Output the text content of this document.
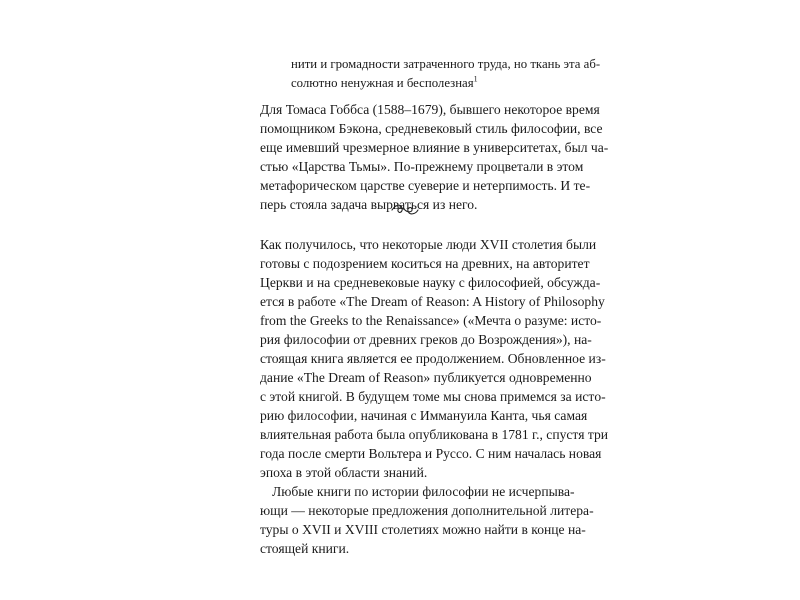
нити и громадности затраченного труда, но ткань эта аб-
солютно ненужная и бесполезная$^1$
Для Томаса Гоббса (1588–1679), бывшего некоторое время
помощником Бэкона, средневековый стиль философии, все
еще имевший чрезмерное влияние в университетах, был ча-
стью «Царства Тьмы». По-прежнему процветали в этом
метафорическом царстве суеверие и нетерпимость. И те-
перь стояла задача вырваться из него.
Как получилось, что некоторые люди XVII столетия были
готовы с подозрением коситься на древних, на авторитет
Церкви и на средневековые науку с философией, обсужда-
ется в работе «The Dream of Reason: A History of Philosophy
from the Greeks to the Renaissance» («Мечта о разуме: исто-
рия философии от древних греков до Возрождения»), на-
стоящая книга является ее продолжением. Обновленное из-
дание «The Dream of Reason» публикуется одновременно
с этой книгой. В будущем томе мы снова примемся за истo-
рию философии, начиная с Иммануила Канта, чья самая
влиятельная работа была опубликована в 1781 г., спустя три
года после смерти Вольтера и Руссо. С ним началась новая
эпоха в этой области знаний.
Любые книги по истории философии не исчерпыва-
ющи — некоторые предложения дополнительной литера-
туры о XVII и XVIII столетиях можно найти в конце на-
стоящей книги.
